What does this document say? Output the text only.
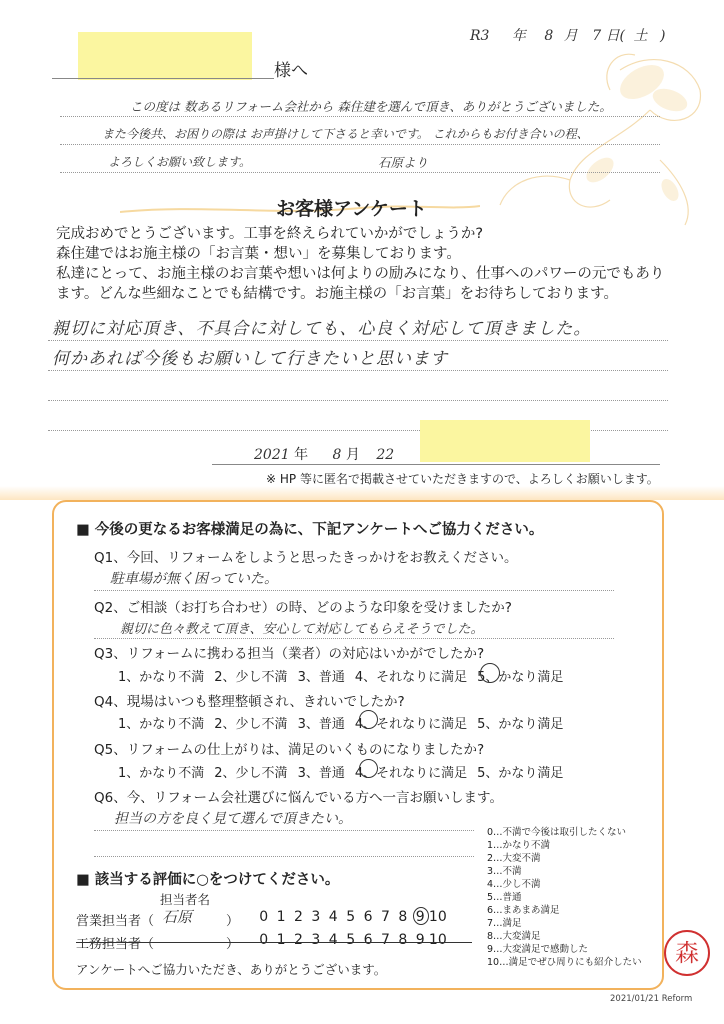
R3 年 8 月 7 日( 土 )
様へ
この度は 数あるリフォーム会社から 森住建を選んで頂き、ありがとうございました。
また今後共、お困りの際は お声掛けして下さると幸いです。 これからもお付き合いの程、
よろしくお願い致します。	石原より
お客様アンケート
完成おめでとうございます。工事を終えられていかがでしょうか?
森住建ではお施主様の「お言葉・想い」を募集しております。
私達にとって、お施主様のお言葉や想いは何よりの励みになり、仕事へのパワーの元でもあり
ます。どんな些細なことでも結構です。お施主様の「お言葉」をお待ちしております。
親切に対応頂き、不具合に対しても、心良く対応して頂きました。
何かあれば今後もお願いして行きたいと思います
2021 年 8 月 22
※ HP 等に匿名で掲載させていただきますので、よろしくお願いします。
■ 今後の更なるお客様満足の為に、下記アンケートへご協力ください。
Q1、今回、リフォームをしようと思ったきっかけをお教えください。
駐車場が無く困っていた。
Q2、ご相談（お打ち合わせ）の時、どのような印象を受けましたか?
親切に色々教えて頂き、安心して対応してもらえそうでした。
Q3、リフォームに携わる担当（業者）の対応はいかがでしたか?
1、かなり不満 2、少し不満 3、普通 4、それなりに満足 5、かなり満足
Q4、現場はいつも整理整頓され、きれいでしたか?
1、かなり不満 2、少し不満 3、普通 4、それなりに満足 5、かなり満足
Q5、リフォームの仕上がりは、満足のいくものになりましたか?
1、かなり不満 2、少し不満 3、普通 4、それなりに満足 5、かなり満足
Q6、今、リフォーム会社選びに悩んでいる方へ一言お願いします。
担当の方を良く見て選んで頂きたい。
0…不満で今後は取引したくない
1…かなり不満
2…大変不満
3…不満
4…少し不満
5…普通
6…まあまあ満足
7…満足
8…大変満足
9…大変満足で感動した
10…満足でぜひ周りにも紹介したい
■ 該当する評価に○をつけてください。
担当者名
営業担当者（ 石原	）	0 1 2 3 4 5 6 7 8 9 10
工務担当者（	）	0 1 2 3 4 5 6 7 8 9 10
アンケートへご協力いただき、ありがとうございます。
森
2021/01/21 Reform
